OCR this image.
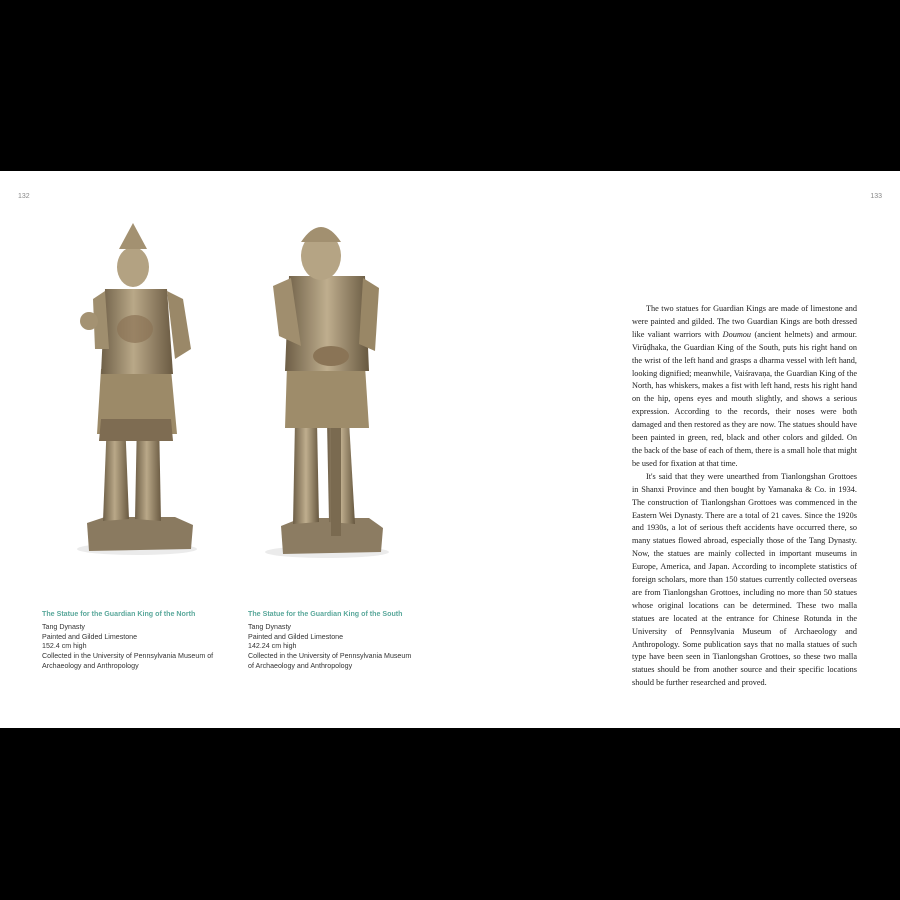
132	133
The Statue for the Guardian King of the North
Tang Dynasty
Painted and Gilded Limestone
152.4 cm high
Collected in the University of Pennsylvania Museum of Archaeology and Anthropology
The Statue for the Guardian King of the South
Tang Dynasty
Painted and Gilded Limestone
142.24 cm high
Collected in the University of Pennsylvania Museum of Archaeology and Anthropology

The two statues for Guardian Kings are made of limestone and were painted and gilded. The two Guardian Kings are both dressed like valiant warriors with Doumou (ancient helmets) and armour. Virūḍhaka, the Guardian King of the South, puts his right hand on the wrist of the left hand and grasps a dharma vessel with left hand, looking dignified; meanwhile, Vaiśravaṇa, the Guardian King of the North, has whiskers, makes a fist with left hand, rests his right hand on the hip, opens eyes and mouth slightly, and shows a serious expression. According to the records, their noses were both damaged and then restored as they are now. The statues should have been painted in green, red, black and other colors and gilded. On the back of the base of each of them, there is a small hole that might be used for fixation at that time.

It's said that they were unearthed from Tianlongshan Grottoes in Shanxi Province and then bought by Yamanaka & Co. in 1934. The construction of Tianlongshan Grottoes was commenced in the Eastern Wei Dynasty. There are a total of 21 caves. Since the 1920s and 1930s, a lot of serious theft accidents have occurred there, so many statues flowed abroad, especially those of the Tang Dynasty. Now, the statues are mainly collected in important museums in Europe, America, and Japan. According to incomplete statistics of foreign scholars, more than 150 statues currently collected overseas are from Tianlongshan Grottoes, including no more than 50 statues whose original locations can be determined. These two malla statues are located at the entrance for Chinese Rotunda in the University of Pennsylvania Museum of Archaeology and Anthropology. Some publication says that no malla statues of such type have been seen in Tianlongshan Grottoes, so these two malla statues should be from another source and their specific locations should be further researched and proved.
